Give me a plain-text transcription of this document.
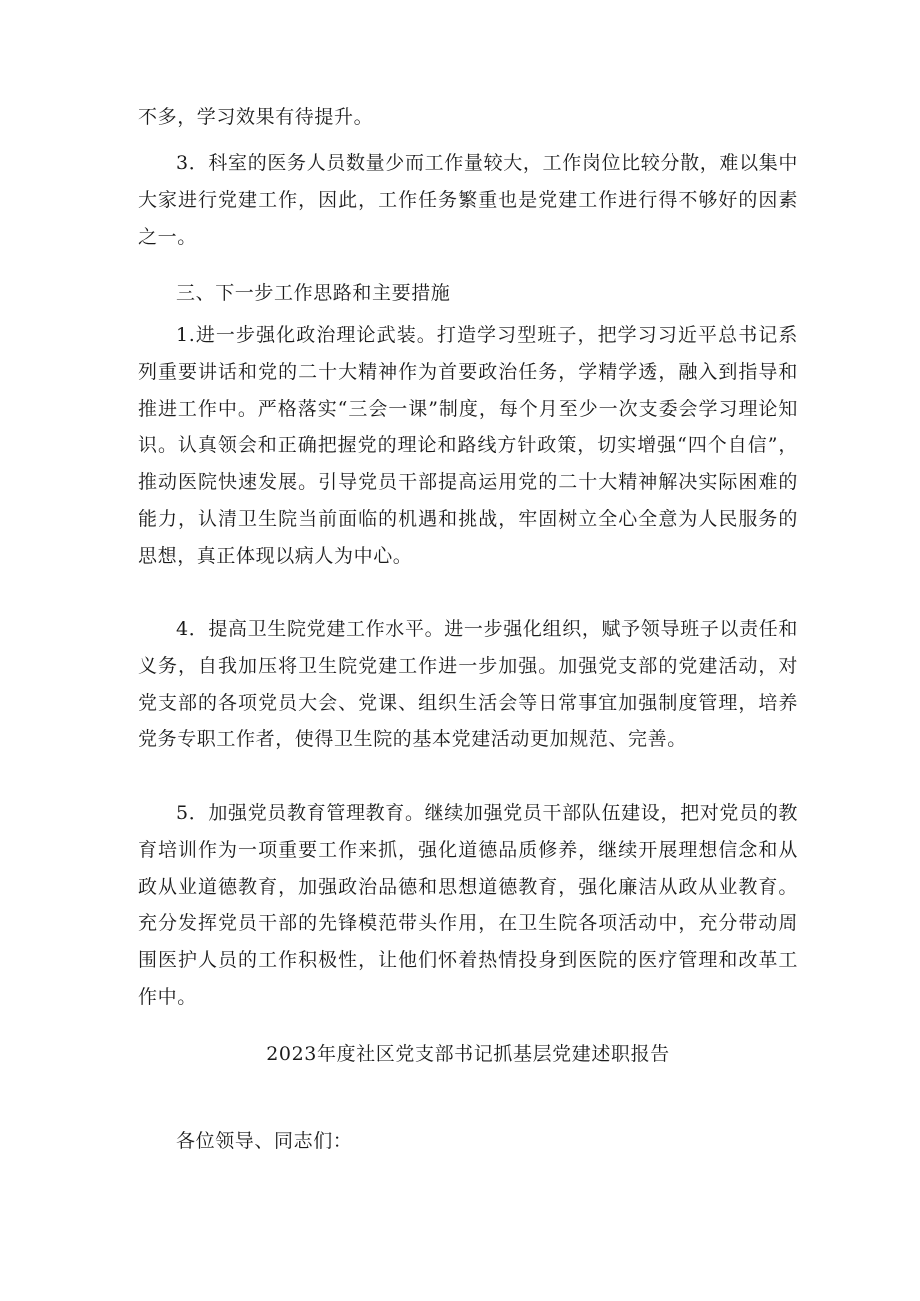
不多，学习效果有待提升。

3．科室的医务人员数量少而工作量较大，工作岗位比较分散，难以集中大家进行党建工作，因此，工作任务繁重也是党建工作进行得不够好的因素之一。

三、下一步工作思路和主要措施

1.进一步强化政治理论武装。打造学习型班子，把学习习近平总书记系列重要讲话和党的二十大精神作为首要政治任务，学精学透，融入到指导和推进工作中。严格落实“三会一课”制度，每个月至少一次支委会学习理论知识。认真领会和正确把握党的理论和路线方针政策，切实增强“四个自信”，推动医院快速发展。引导党员干部提高运用党的二十大精神解决实际困难的能力，认清卫生院当前面临的机遇和挑战，牢固树立全心全意为人民服务的思想，真正体现以病人为中心。

4．提高卫生院党建工作水平。进一步强化组织，赋予领导班子以责任和义务，自我加压将卫生院党建工作进一步加强。加强党支部的党建活动，对党支部的各项党员大会、党课、组织生活会等日常事宜加强制度管理，培养党务专职工作者，使得卫生院的基本党建活动更加规范、完善。

5．加强党员教育管理教育。继续加强党员干部队伍建设，把对党员的教育培训作为一项重要工作来抓，强化道德品质修养，继续开展理想信念和从政从业道德教育，加强政治品德和思想道德教育，强化廉洁从政从业教育。充分发挥党员干部的先锋模范带头作用，在卫生院各项活动中，充分带动周围医护人员的工作积极性，让他们怀着热情投身到医院的医疗管理和改革工作中。

2023年度社区党支部书记抓基层党建述职报告

各位领导、同志们：
